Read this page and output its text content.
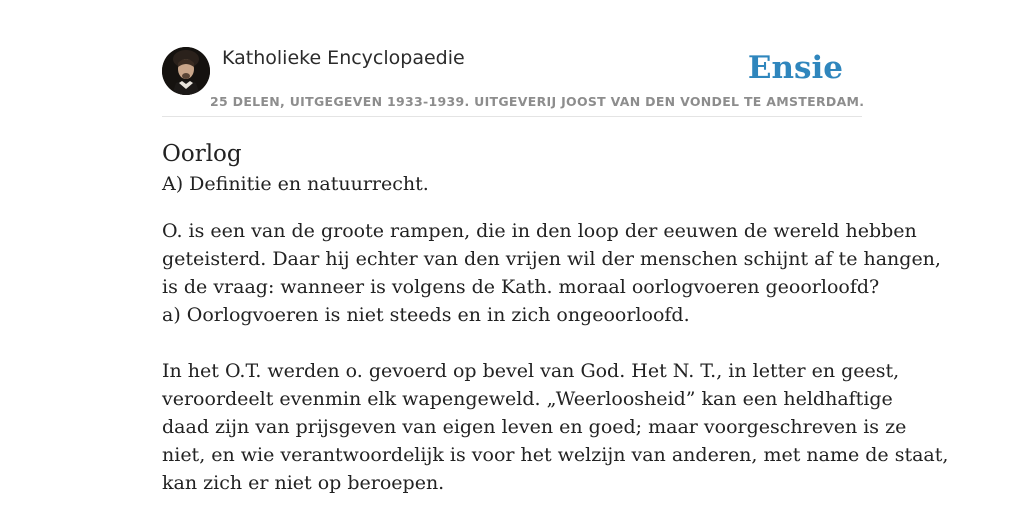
Katholieke Encyclopaedie
25 DELEN, UITGEGEVEN 1933-1939. UITGEVERIJ JOOST VAN DEN VONDEL TE AMSTERDAM.
Ensie
Oorlog

A) Definitie en natuurrecht.

O. is een van de groote rampen, die in den loop der eeuwen de wereld hebben

geteisterd. Daar hij echter van den vrijen wil der menschen schijnt af te hangen,

is de vraag: wanneer is volgens de Kath. moraal oorlogvoeren geoorloofd?

a) Oorlogvoeren is niet steeds en in zich ongeoorloofd.

In het O.T. werden o. gevoerd op bevel van God. Het N. T., in letter en geest,

veroordeelt evenmin elk wapengeweld. „Weerloosheid” kan een heldhaftige

daad zijn van prijsgeven van eigen leven en goed; maar voorgeschreven is ze

niet, en wie verantwoordelijk is voor het welzijn van anderen, met name de staat,

kan zich er niet op beroepen.
